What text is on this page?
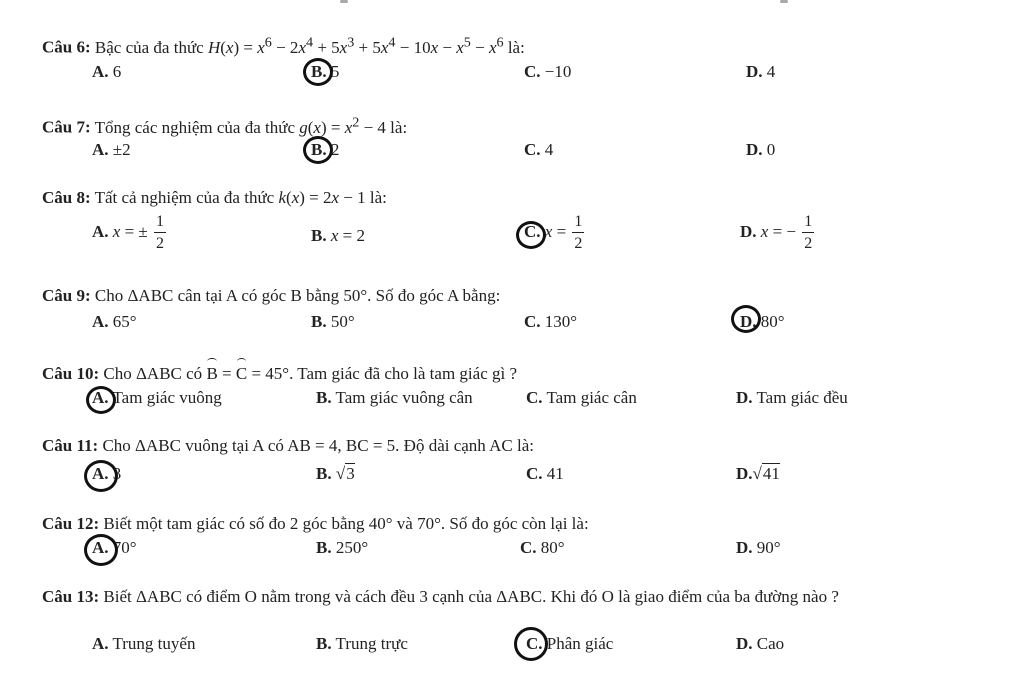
Câu 6: Bậc của đa thức $H(x) = x^6 - 2x^4 + 5x^3 + 5x^4 - 10x - x^5 - x^6$ là:
A. 6	B. 5	C. −10	D. 4
Câu 7: Tổng các nghiệm của đa thức $g(x) = x^2 - 4$ là:
A. ±2	B. 2	C. 4	D. 0
Câu 8: Tất cả nghiệm của đa thức k(x) = 2x − 1 là:
A. x = ± $\frac{1}{2}$	B. x = 2	C. $x = \frac{1}{2}$	D. x = − $\frac{1}{2}$
Câu 9: Cho ΔABC cân tại A có góc B bằng 50°. Số đo góc A bằng:
A. 65°	B. 50°	C. 130°	D. 80°
Câu 10: Cho ΔABC có B = C = 45°. Tam giác đã cho là tam giác gì ?
A. Tam giác vuông	B. Tam giác vuông cân	C. Tam giác cân	D. Tam giác đều
Câu 11: Cho ΔABC vuông tại A có AB = 4, BC = 5. Độ dài cạnh AC là:
A. 3	B. √3	C. 41	D.√41
Câu 12: Biết một tam giác có số đo 2 góc bằng 40° và 70°. Số đo góc còn lại là:
A. 70°	B. 250°	C. 80°	D. 90°
Câu 13: Biết ΔABC có điểm O nằm trong và cách đều 3 cạnh của ΔABC. Khi đó O là giao điểm của ba đường nào ?
A. Trung tuyến	B. Trung trực	C. Phân giác	D. Cao
